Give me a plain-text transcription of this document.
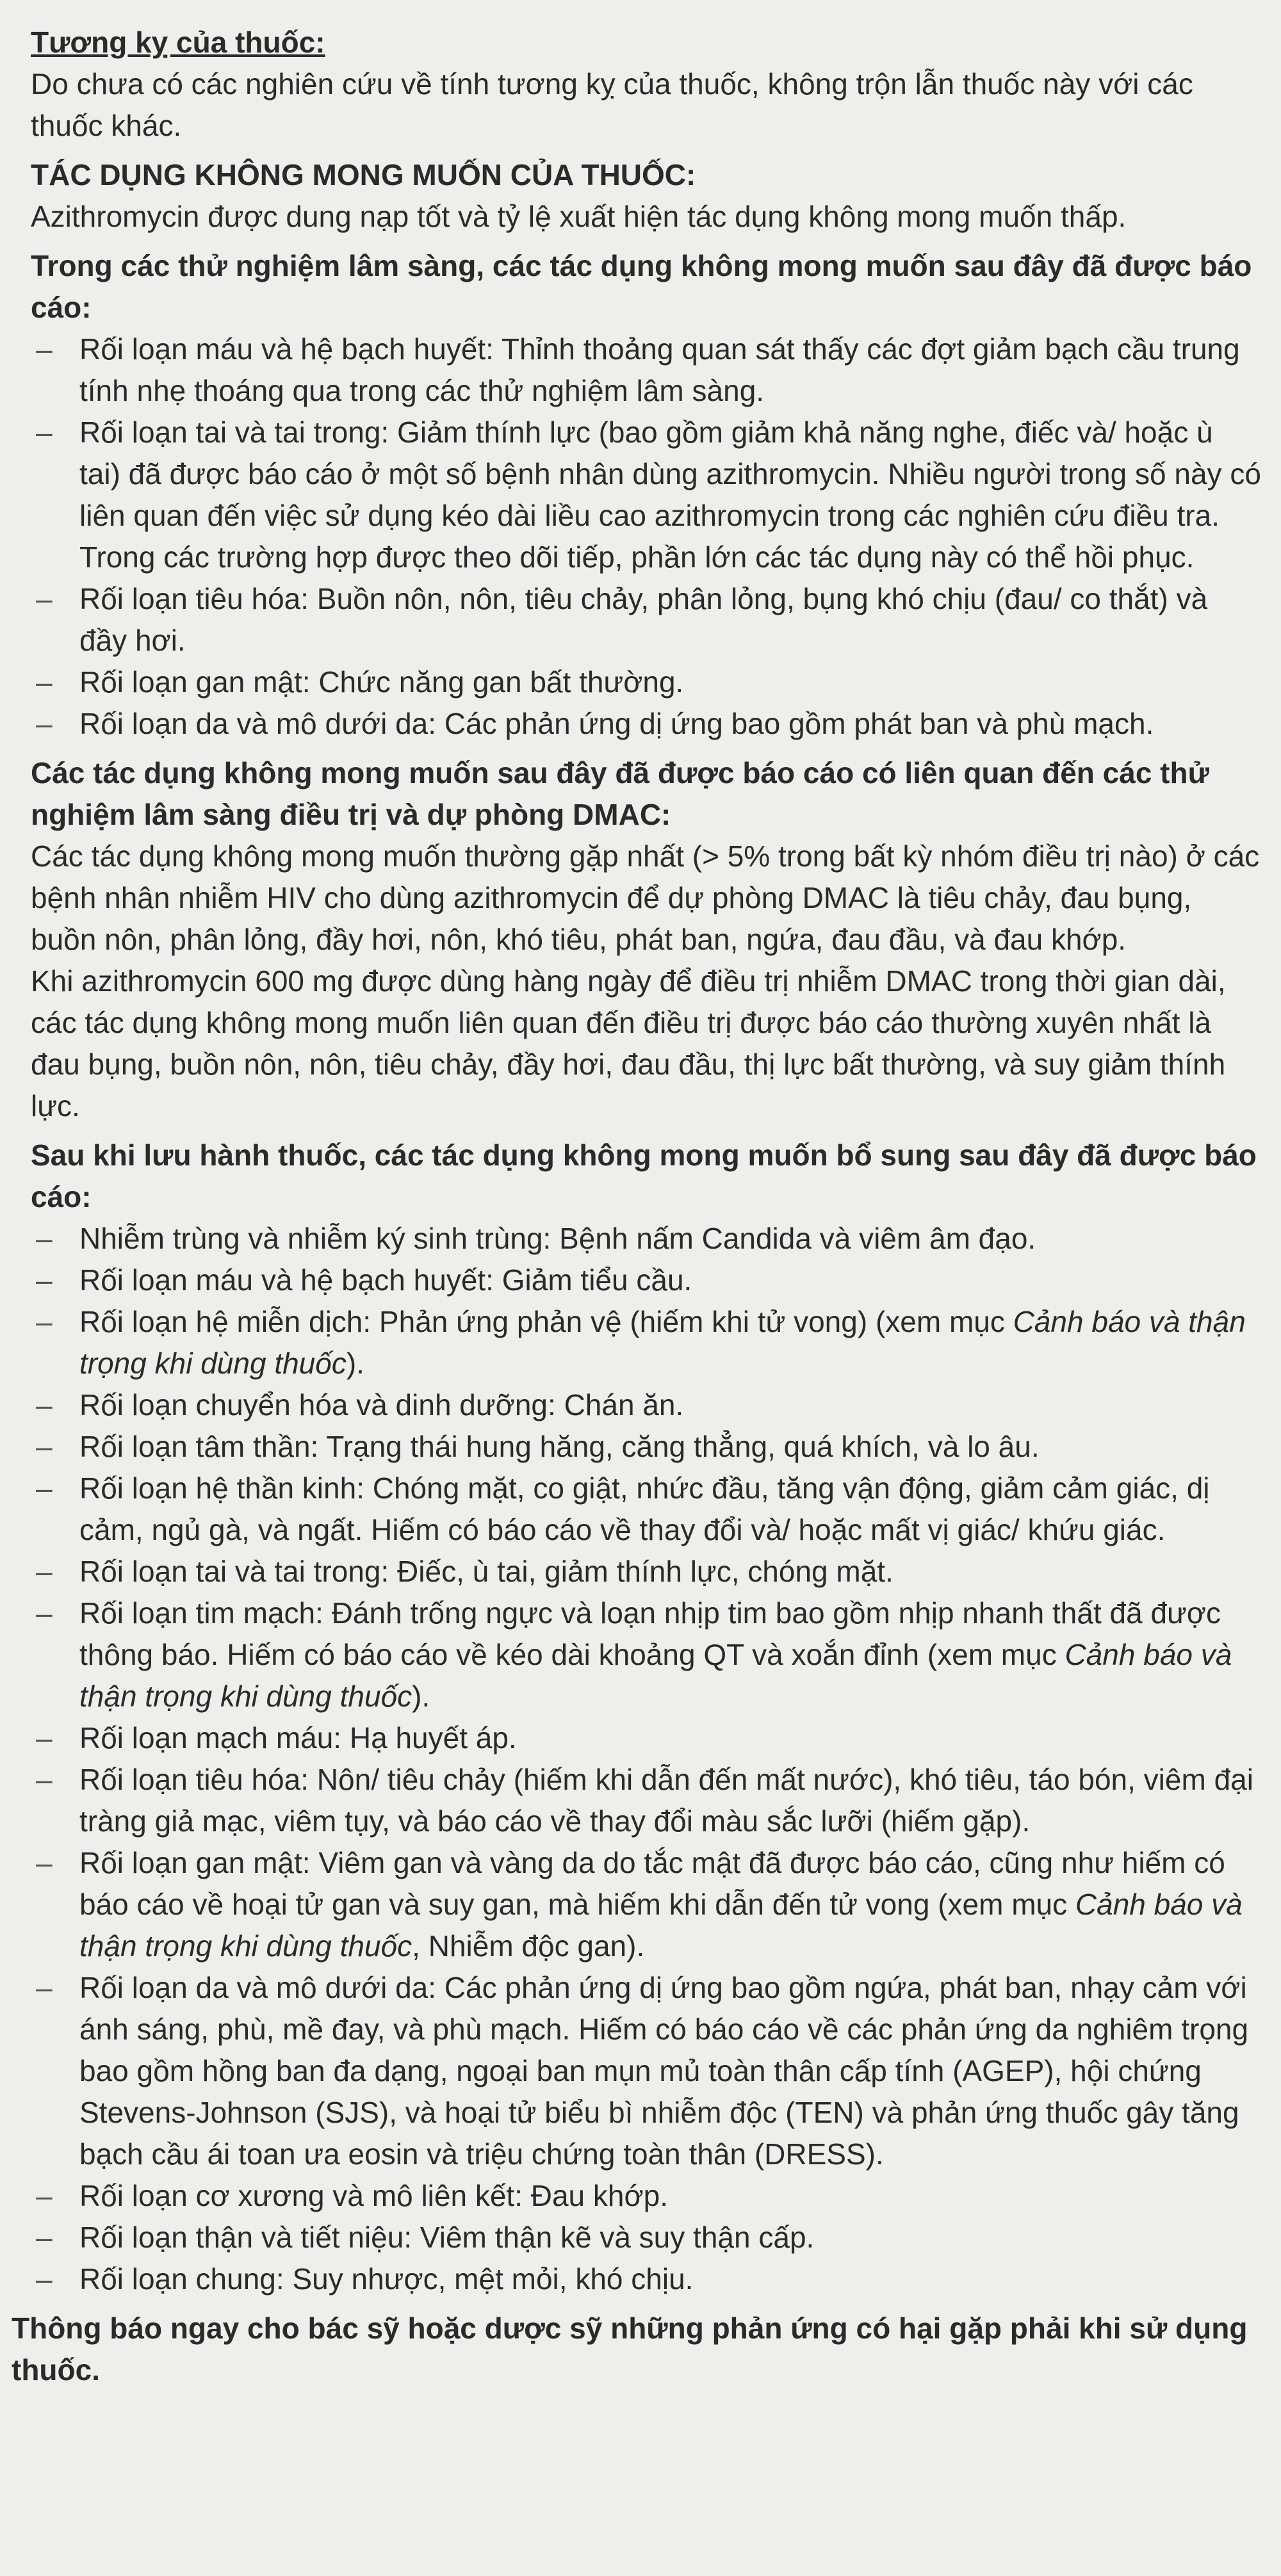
Tương kỵ của thuốc:

Do chưa có các nghiên cứu về tính tương kỵ của thuốc, không trộn lẫn thuốc này với các thuốc khác.

TÁC DỤNG KHÔNG MONG MUỐN CỦA THUỐC:

Azithromycin được dung nạp tốt và tỷ lệ xuất hiện tác dụng không mong muốn thấp.

Trong các thử nghiệm lâm sàng, các tác dụng không mong muốn sau đây đã được báo cáo:

– Rối loạn máu và hệ bạch huyết: Thỉnh thoảng quan sát thấy các đợt giảm bạch cầu trung tính nhẹ thoáng qua trong các thử nghiệm lâm sàng.
– Rối loạn tai và tai trong: Giảm thính lực (bao gồm giảm khả năng nghe, điếc và/ hoặc ù tai) đã được báo cáo ở một số bệnh nhân dùng azithromycin. Nhiều người trong số này có liên quan đến việc sử dụng kéo dài liều cao azithromycin trong các nghiên cứu điều tra. Trong các trường hợp được theo dõi tiếp, phần lớn các tác dụng này có thể hồi phục.
– Rối loạn tiêu hóa: Buồn nôn, nôn, tiêu chảy, phân lỏng, bụng khó chịu (đau/ co thắt) và đầy hơi.
– Rối loạn gan mật: Chức năng gan bất thường.
– Rối loạn da và mô dưới da: Các phản ứng dị ứng bao gồm phát ban và phù mạch.

Các tác dụng không mong muốn sau đây đã được báo cáo có liên quan đến các thử nghiệm lâm sàng điều trị và dự phòng DMAC:

Các tác dụng không mong muốn thường gặp nhất (> 5% trong bất kỳ nhóm điều trị nào) ở các bệnh nhân nhiễm HIV cho dùng azithromycin để dự phòng DMAC là tiêu chảy, đau bụng, buồn nôn, phân lỏng, đầy hơi, nôn, khó tiêu, phát ban, ngứa, đau đầu, và đau khớp.

Khi azithromycin 600 mg được dùng hàng ngày để điều trị nhiễm DMAC trong thời gian dài, các tác dụng không mong muốn liên quan đến điều trị được báo cáo thường xuyên nhất là đau bụng, buồn nôn, nôn, tiêu chảy, đầy hơi, đau đầu, thị lực bất thường, và suy giảm thính lực.

Sau khi lưu hành thuốc, các tác dụng không mong muốn bổ sung sau đây đã được báo cáo:

– Nhiễm trùng và nhiễm ký sinh trùng: Bệnh nấm Candida và viêm âm đạo.
– Rối loạn máu và hệ bạch huyết: Giảm tiểu cầu.
– Rối loạn hệ miễn dịch: Phản ứng phản vệ (hiếm khi tử vong) (xem mục Cảnh báo và thận trọng khi dùng thuốc).
– Rối loạn chuyển hóa và dinh dưỡng: Chán ăn.
– Rối loạn tâm thần: Trạng thái hung hăng, căng thẳng, quá khích, và lo âu.
– Rối loạn hệ thần kinh: Chóng mặt, co giật, nhức đầu, tăng vận động, giảm cảm giác, dị cảm, ngủ gà, và ngất. Hiếm có báo cáo về thay đổi và/ hoặc mất vị giác/ khứu giác.
– Rối loạn tai và tai trong: Điếc, ù tai, giảm thính lực, chóng mặt.
– Rối loạn tim mạch: Đánh trống ngực và loạn nhịp tim bao gồm nhịp nhanh thất đã được thông báo. Hiếm có báo cáo về kéo dài khoảng QT và xoắn đỉnh (xem mục Cảnh báo và thận trọng khi dùng thuốc).
– Rối loạn mạch máu: Hạ huyết áp.
– Rối loạn tiêu hóa: Nôn/ tiêu chảy (hiếm khi dẫn đến mất nước), khó tiêu, táo bón, viêm đại tràng giả mạc, viêm tụy, và báo cáo về thay đổi màu sắc lưỡi (hiếm gặp).
– Rối loạn gan mật: Viêm gan và vàng da do tắc mật đã được báo cáo, cũng như hiếm có báo cáo về hoại tử gan và suy gan, mà hiếm khi dẫn đến tử vong (xem mục Cảnh báo và thận trọng khi dùng thuốc, Nhiễm độc gan).
– Rối loạn da và mô dưới da: Các phản ứng dị ứng bao gồm ngứa, phát ban, nhạy cảm với ánh sáng, phù, mề đay, và phù mạch. Hiếm có báo cáo về các phản ứng da nghiêm trọng bao gồm hồng ban đa dạng, ngoại ban mụn mủ toàn thân cấp tính (AGEP), hội chứng Stevens-Johnson (SJS), và hoại tử biểu bì nhiễm độc (TEN) và phản ứng thuốc gây tăng bạch cầu ái toan ưa eosin và triệu chứng toàn thân (DRESS).
– Rối loạn cơ xương và mô liên kết: Đau khớp.
– Rối loạn thận và tiết niệu: Viêm thận kẽ và suy thận cấp.
– Rối loạn chung: Suy nhược, mệt mỏi, khó chịu.

Thông báo ngay cho bác sỹ hoặc dược sỹ những phản ứng có hại gặp phải khi sử dụng thuốc.
